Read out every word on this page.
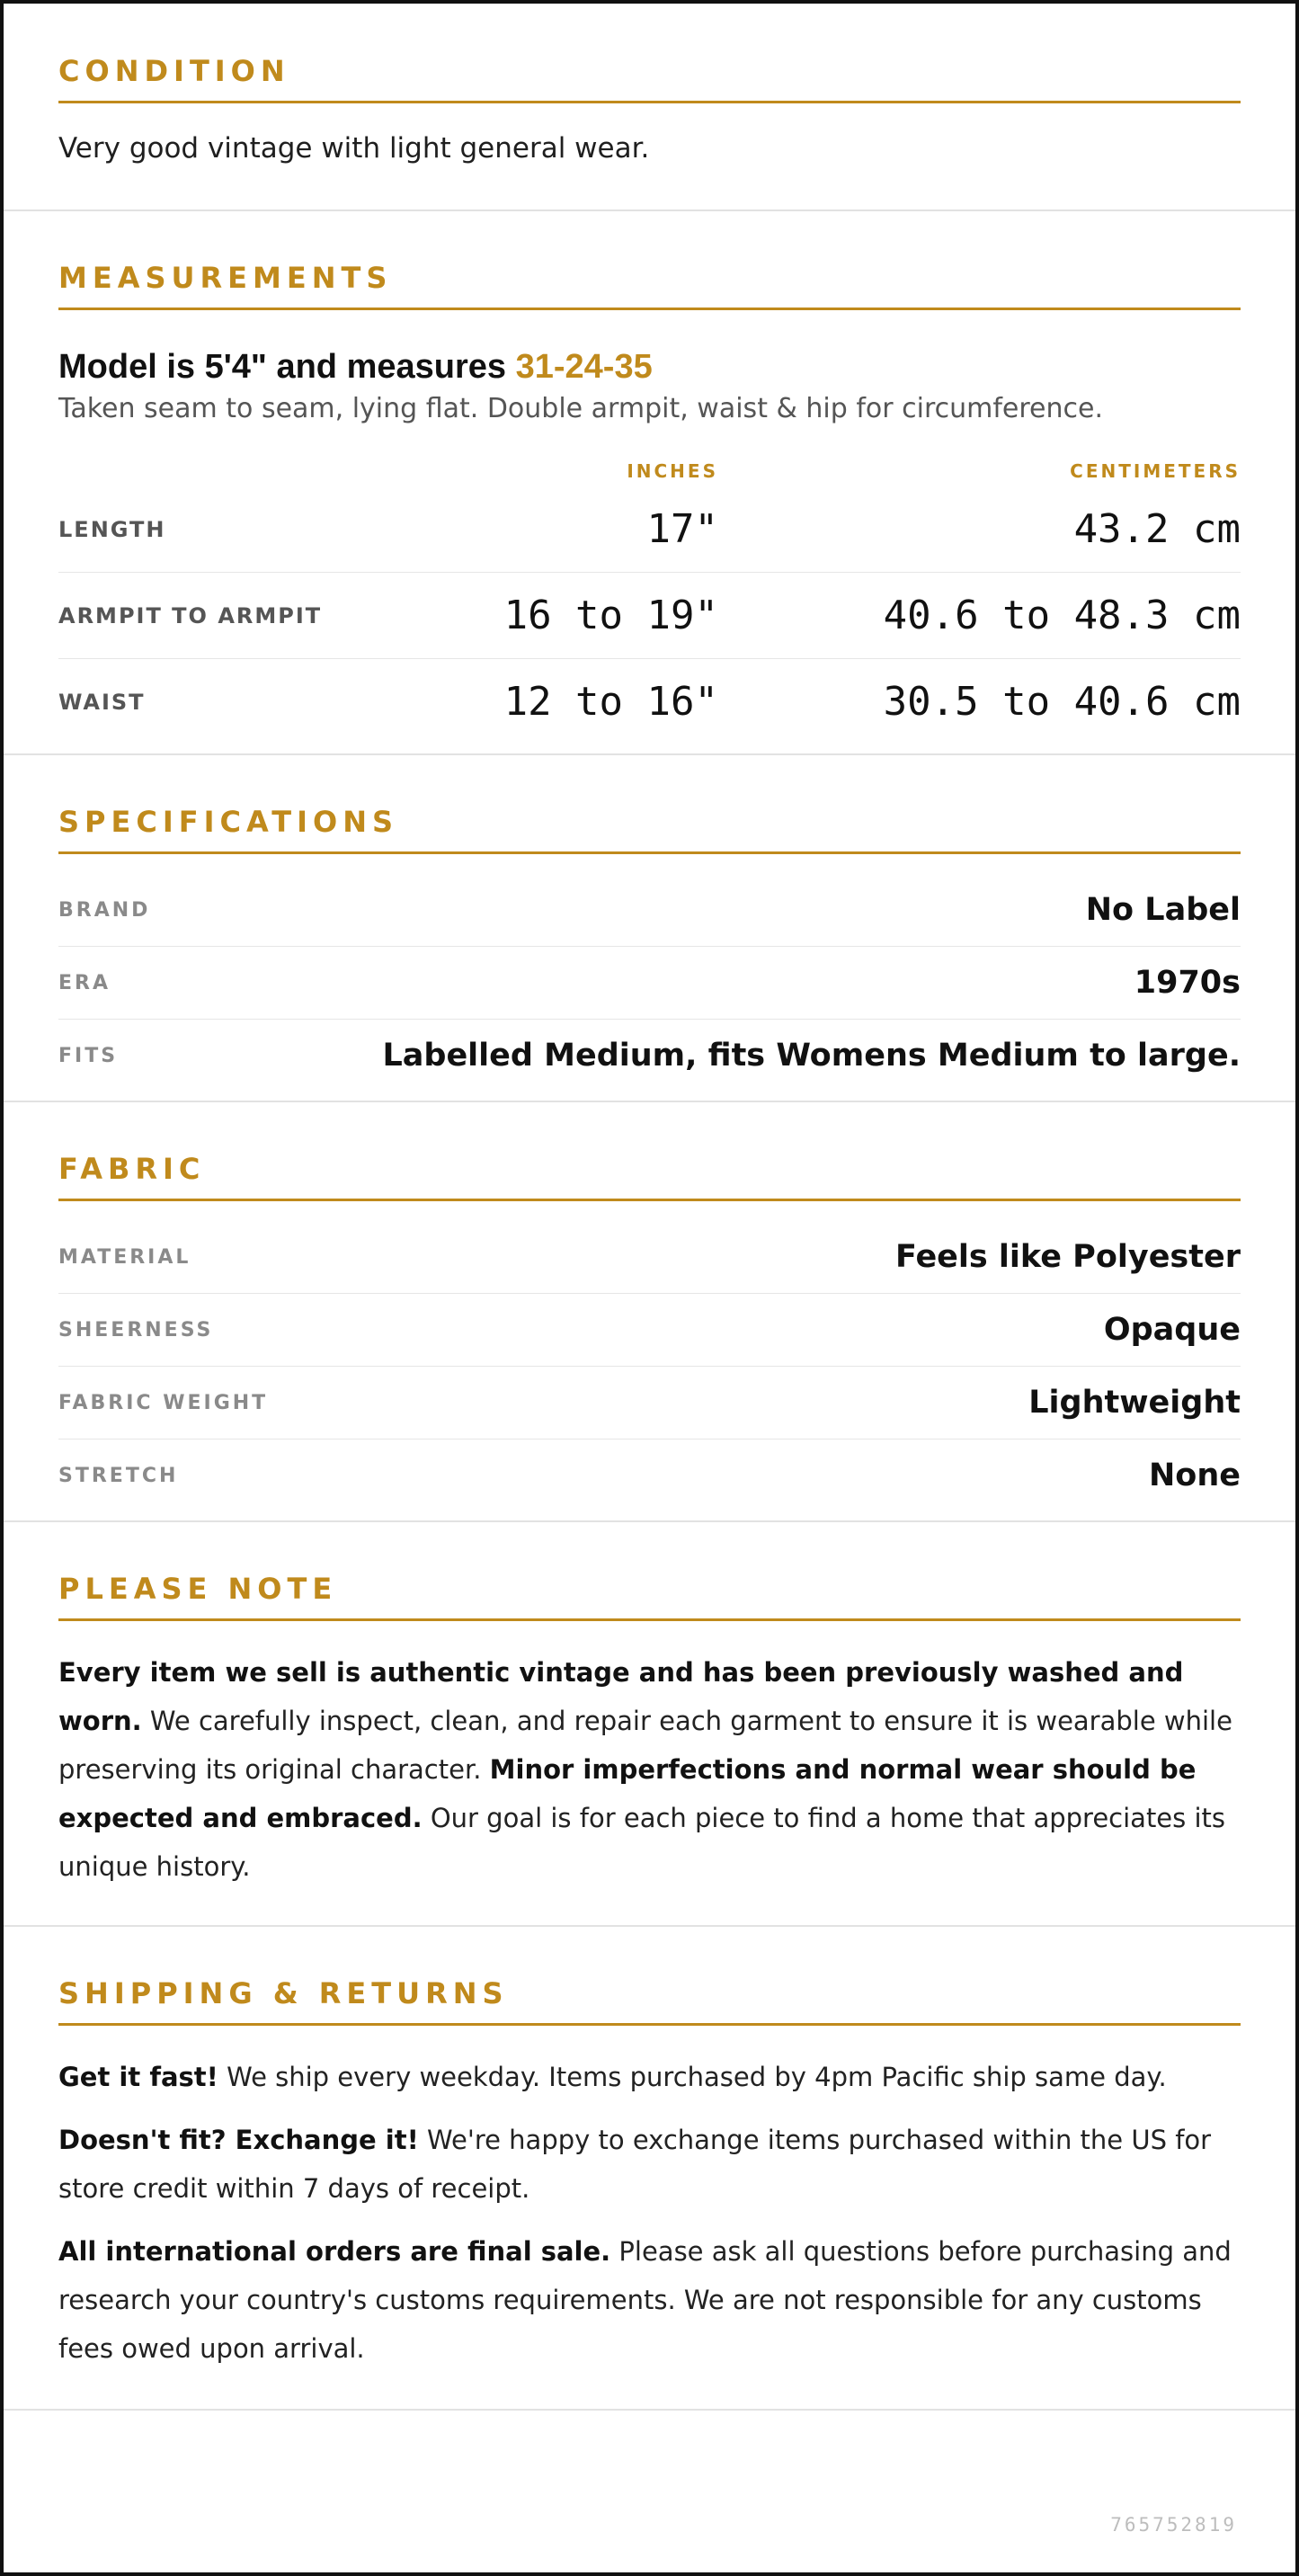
CONDITION
Very good vintage with light general wear.
MEASUREMENTS
Model is 5'4" and measures 31-24-35
Taken seam to seam, lying flat. Double armpit, waist & hip for circumference.
INCHES	CENTIMETERS
LENGTH	17"	43.2 cm
ARMPIT TO ARMPIT	16 to 19"	40.6 to 48.3 cm
WAIST	12 to 16"	30.5 to 40.6 cm
SPECIFICATIONS
BRAND	No Label
ERA	1970s
FITS	Labelled Medium, fits Womens Medium to large.
FABRIC
MATERIAL	Feels like Polyester
SHEERNESS	Opaque
FABRIC WEIGHT	Lightweight
STRETCH	None
PLEASE NOTE

Every item we sell is authentic vintage and has been previously washed and worn. We carefully inspect, clean, and repair each garment to ensure it is wearable while preserving its original character. Minor imperfections and normal wear should be expected and embraced. Our goal is for each piece to find a home that appreciates its unique history.

SHIPPING & RETURNS

Get it fast! We ship every weekday. Items purchased by 4pm Pacific ship same day.

Doesn't fit? Exchange it! We're happy to exchange items purchased within the US for store credit within 7 days of receipt.

All international orders are final sale. Please ask all questions before purchasing and research your country's customs requirements. We are not responsible for any customs fees owed upon arrival.

765752819
